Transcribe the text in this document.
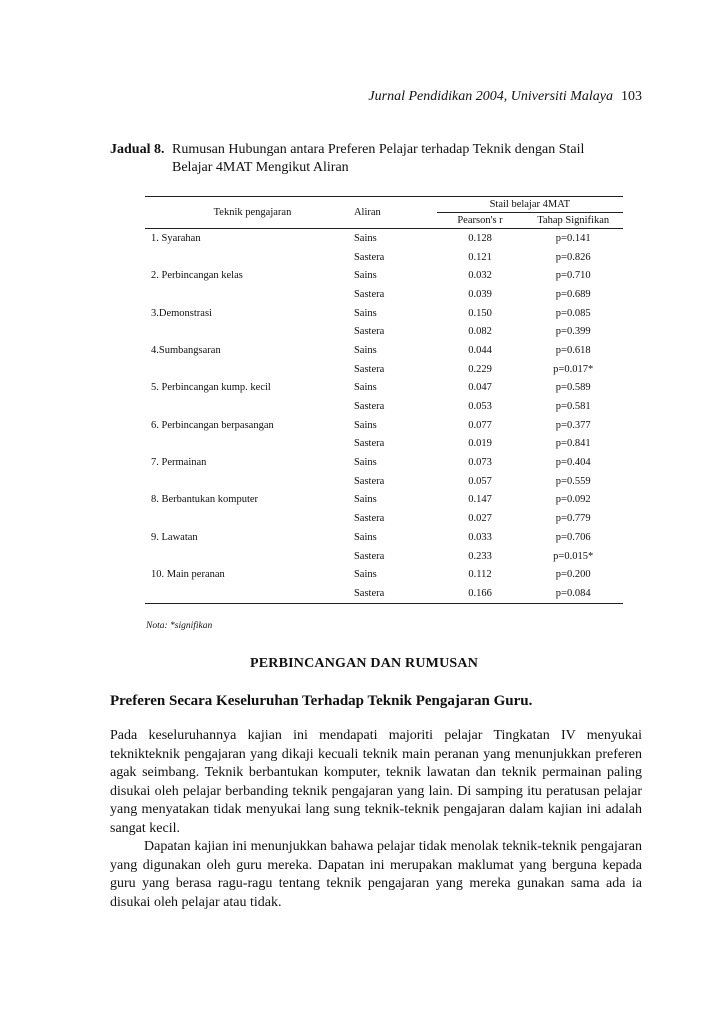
Jurnal Pendidikan 2004, Universiti Malaya 103
Jadual 8. Rumusan Hubungan antara Preferen Pelajar terhadap Teknik dengan Stail
Belajar 4MAT Mengikut Aliran
Teknik pengajaran	Aliran	Stail belajar 4MAT	
		Pearson's r	Tahap Signifikan
1. Syarahan	Sains	0.128	p=0.141
	Sastera	0.121	p=0.826
2. Perbincangan kelas	Sains	0.032	p=0.710
	Sastera	0.039	p=0.689
3.Demonstrasi	Sains	0.150	p=0.085
	Sastera	0.082	p=0.399
4.Sumbangsaran	Sains	0.044	p=0.618
	Sastera	0.229	p=0.017*
5. Perbincangan kump. kecil	Sains	0.047	p=0.589
	Sastera	0.053	p=0.581
6. Perbincangan berpasangan	Sains	0.077	p=0.377
	Sastera	0.019	p=0.841
7. Permainan	Sains	0.073	p=0.404
	Sastera	0.057	p=0.559
8. Berbantukan komputer	Sains	0.147	p=0.092
	Sastera	0.027	p=0.779
9. Lawatan	Sains	0.033	p=0.706
	Sastera	0.233	p=0.015*
10. Main peranan	Sains	0.112	p=0.200
	Sastera	0.166	p=0.084
Nota: *signifikan
PERBINCANGAN DAN RUMUSAN
Preferen Secara Keseluruhan Terhadap Teknik Pengajaran Guru.

Pada keseluruhannya kajian ini mendapati majoriti pelajar Tingkatan IV menyukai teknikteknik pengajaran yang dikaji kecuali teknik main peranan yang menunjukkan preferen agak seimbang. Teknik berbantukan komputer, teknik lawatan dan teknik permainan paling disukai oleh pelajar berbanding teknik pengajaran yang lain. Di samping itu peratusan pelajar yang menyatakan tidak menyukai lang sung teknik-teknik pengajaran dalam kajian ini adalah sangat kecil.

Dapatan kajian ini menunjukkan bahawa pelajar tidak menolak teknik-teknik pengajaran yang digunakan oleh guru mereka. Dapatan ini merupakan maklumat yang berguna kepada guru yang berasa ragu-ragu tentang teknik pengajaran yang mereka gunakan sama ada ia disukai oleh pelajar atau tidak.
